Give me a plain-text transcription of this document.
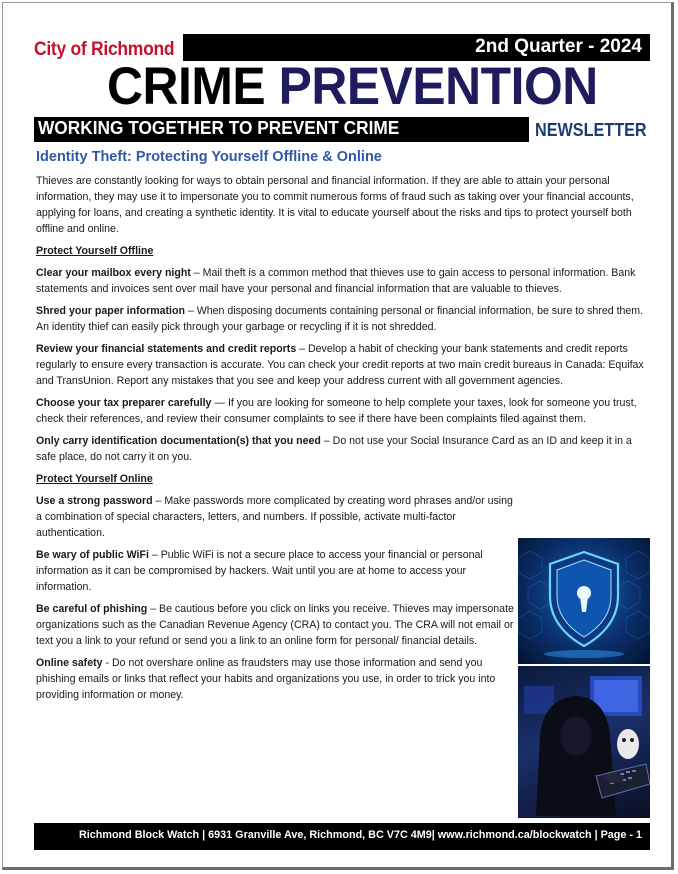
City of Richmond	2nd Quarter - 2024
CRIME PREVENTION
WORKING TOGETHER TO PREVENT CRIME	NEWSLETTER
Identity Theft: Protecting Yourself Offline & Online

Thieves are constantly looking for ways to obtain personal and financial information. If they are able to attain your personal information, they may use it to impersonate you to commit numerous forms of fraud such as taking over your financial accounts, applying for loans, and creating a synthetic identity. It is vital to educate yourself about the risks and tips to protect yourself both offline and online.

Protect Yourself Offline

Clear your mailbox every night – Mail theft is a common method that thieves use to gain access to personal information. Bank statements and invoices sent over mail have your personal and financial information that are valuable to thieves.

Shred your paper information – When disposing documents containing personal or financial information, be sure to shred them. An identity thief can easily pick through your garbage or recycling if it is not shredded.

Review your financial statements and credit reports – Develop a habit of checking your bank statements and credit reports regularly to ensure every transaction is accurate. You can check your credit reports at two main credit bureaus in Canada: Equifax and TransUnion. Report any mistakes that you see and keep your address current with all government agencies.

Choose your tax preparer carefully — If you are looking for someone to help complete your taxes, look for someone you trust, check their references, and review their consumer complaints to see if there have been complaints filed against them.

Only carry identification documentation(s) that you need – Do not use your Social Insurance Card as an ID and keep it in a safe place, do not carry it on you.

Protect Yourself Online

Use a strong password – Make passwords more complicated by creating word phrases and/or using a combination of special characters, letters, and numbers. If possible, activate multi-factor authentication.

Be wary of public WiFi – Public WiFi is not a secure place to access your financial or personal information as it can be compromised by hackers. Wait until you are at home to access your information.

Be careful of phishing – Be cautious before you click on links you receive. Thieves may impersonate organizations such as the Canadian Revenue Agency (CRA) to contact you. The CRA will not email or text you a link to your refund or send you a link to an online form for personal/ financial details.

Online safety - Do not overshare online as fraudsters may use those information and send you phishing emails or links that reflect your habits and organizations you use, in order to trick you into providing information or money.

Richmond Block Watch | 6931 Granville Ave, Richmond, BC V7C 4M9| www.richmond.ca/blockwatch | Page - 1
